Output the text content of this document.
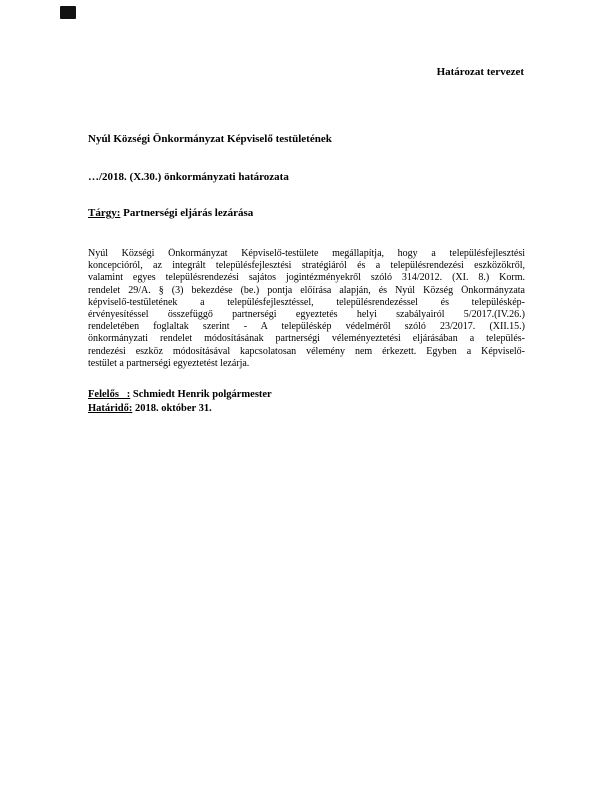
Határozat tervezet
Nyúl Községi Önkormányzat Képviselő testületének
…/2018. (X.30.) önkormányzati határozata
Tárgy: Partnerségi eljárás lezárása
Nyúl Községi Önkormányzat Képviselő-testülete megállapítja, hogy a településfejlesztési
koncepcióról, az integrált településfejlesztési stratégiáról és a településrendezési eszközökről,
valamint egyes településrendezési sajátos jogintézményekről szóló 314/2012. (XI. 8.) Korm.
rendelet 29/A. § (3) bekezdése (be.) pontja előírása alapján, és Nyúl Község Önkormányzata
képviselő-testületének a településfejlesztéssel, településrendezéssel és településkép-
érvényesítéssel összefüggő partnerségi egyeztetés helyi szabályairól 5/2017.(IV.26.)
rendeletében foglaltak szerint - A településkép védelméről szóló 23/2017. (XII.15.)
önkormányzati rendelet módosításának partnerségi véleményeztetési eljárásában a település-
rendezési eszköz módosításával kapcsolatosan vélemény nem érkezett. Egyben a Képviselő-
testület a partnerségi egyeztetést lezárja.
Felelős   : Schmiedt Henrik polgármester
Határidő: 2018. október 31.
